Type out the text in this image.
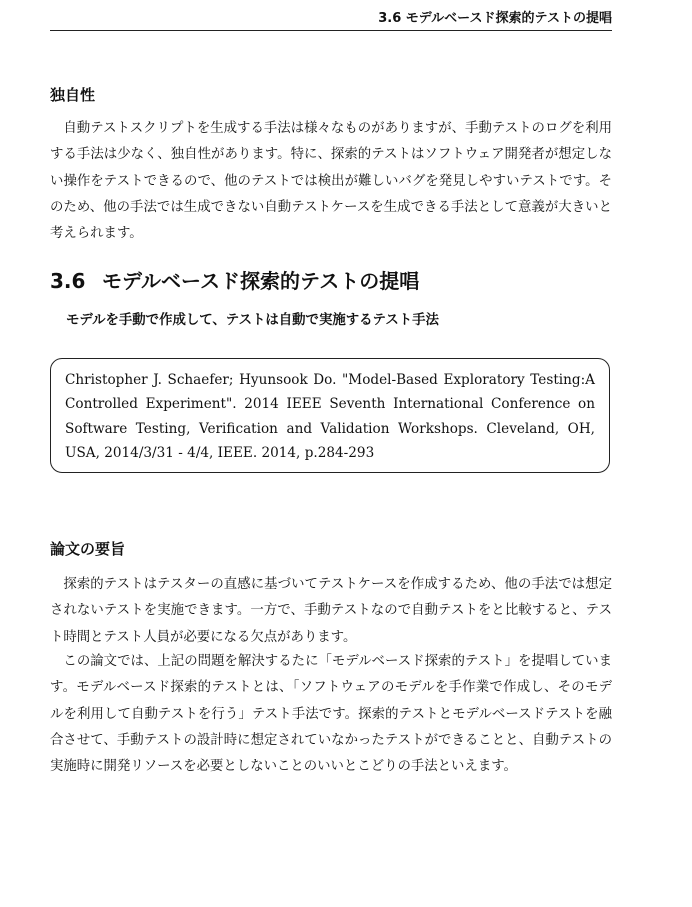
3.6 モデルベースド探索的テストの提唱
独自性

自動テストスクリプトを生成する手法は様々なものがありますが、手動テストのログを利用する手法は少なく、独自性があります。特に、探索的テストはソフトウェア開発者が想定しない操作をテストできるので、他のテストでは検出が難しいバグを発見しやすいテストです。そのため、他の手法では生成できない自動テストケースを生成できる手法として意義が大きいと考えられます。

3.6 モデルベースド探索的テストの提唱
モデルを手動で作成して、テストは自動で実施するテスト手法

Christopher J. Schaefer; Hyunsook Do. "Model-Based Exploratory Testing:A Controlled Experiment". 2014 IEEE Seventh International Conference on Software Testing, Verification and Validation Workshops. Cleveland, OH, USA, 2014/3/31 - 4/4, IEEE. 2014, p.284-293

論文の要旨

探索的テストはテスターの直感に基づいてテストケースを作成するため、他の手法では想定されないテストを実施できます。一方で、手動テストなので自動テストをと比較すると、テスト時間とテスト人員が必要になる欠点があります。

この論文では、上記の問題を解決するたに「モデルベースド探索的テスト」を提唱しています。モデルベースド探索的テストとは、「ソフトウェアのモデルを手作業で作成し、そのモデルを利用して自動テストを行う」テスト手法です。探索的テストとモデルベースドテストを融合させて、手動テストの設計時に想定されていなかったテストができることと、自動テストの実施時に開発リソースを必要としないことのいいとこどりの手法といえます。
